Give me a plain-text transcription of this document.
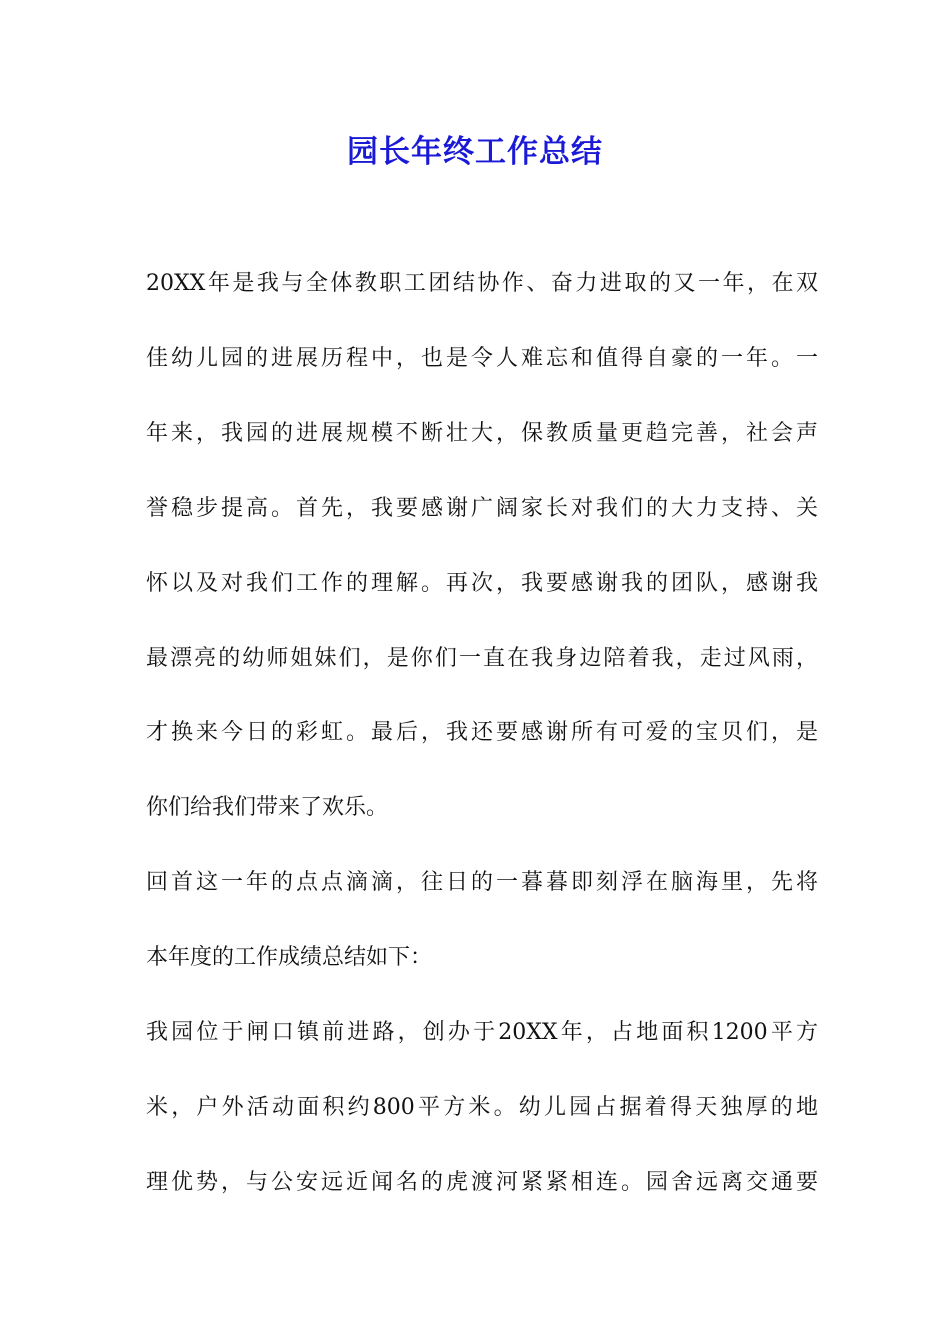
园长年终工作总结
20XX年是我与全体教职工团结协作、奋力进取的又一年，在双
佳幼儿园的进展历程中，也是令人难忘和值得自豪的一年。一
年来，我园的进展规模不断壮大，保教质量更趋完善，社会声
誉稳步提高。首先，我要感谢广阔家长对我们的大力支持、关
怀以及对我们工作的理解。再次，我要感谢我的团队，感谢我
最漂亮的幼师姐妹们，是你们一直在我身边陪着我，走过风雨，
才换来今日的彩虹。最后，我还要感谢所有可爱的宝贝们，是
你们给我们带来了欢乐。
回首这一年的点点滴滴，往日的一暮暮即刻浮在脑海里，先将
本年度的工作成绩总结如下：
我园位于闸口镇前进路，创办于20XX年，占地面积1200平方
米，户外活动面积约800平方米。幼儿园占据着得天独厚的地
理优势，与公安远近闻名的虎渡河紧紧相连。园舍远离交通要
